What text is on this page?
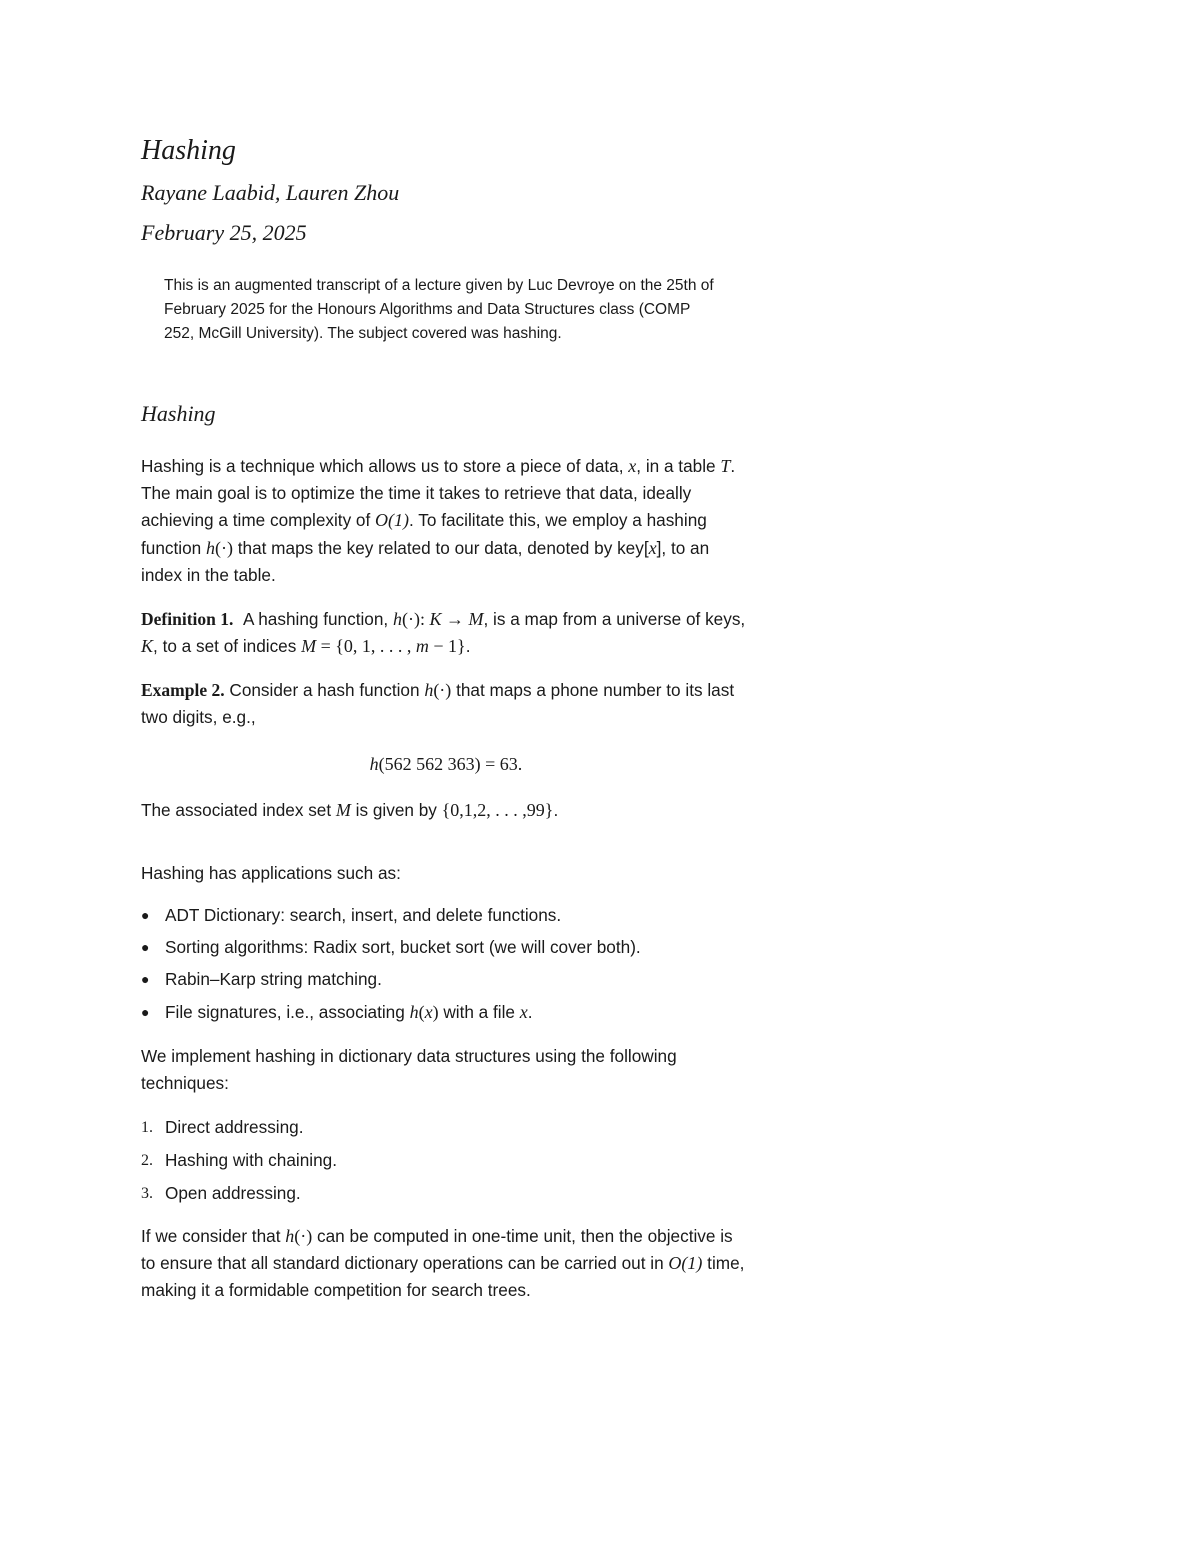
Hashing
Rayane Laabid, Lauren Zhou
February 25, 2025
This is an augmented transcript of a lecture given by Luc Devroye on the 25th of February 2025 for the Honours Algorithms and Data Structures class (COMP 252, McGill University). The subject covered was hashing.
Hashing

Hashing is a technique which allows us to store a piece of data, x, in a table T. The main goal is to optimize the time it takes to retrieve that data, ideally achieving a time complexity of O(1). To facilitate this, we employ a hashing function h(·) that maps the key related to our data, denoted by key[x], to an index in the table.

Definition 1. A hashing function, h(·): K → M, is a map from a universe of keys, K, to a set of indices M = {0, 1, . . . , m − 1}.

Example 2. Consider a hash function h(·) that maps a phone number to its last two digits, e.g.,

h(562 562 363) = 63.

The associated index set M is given by {0,1,2, . . . ,99}.

Hashing has applications such as:
● ADT Dictionary: search, insert, and delete functions.
● Sorting algorithms: Radix sort, bucket sort (we will cover both).
● Rabin–Karp string matching.
● File signatures, i.e., associating h(x) with a file x.
We implement hashing in dictionary data structures using the following techniques:
1. Direct addressing.
2. Hashing with chaining.
3. Open addressing.

If we consider that h(·) can be computed in one-time unit, then the objective is to ensure that all standard dictionary operations can be carried out in O(1) time, making it a formidable competition for search trees.
